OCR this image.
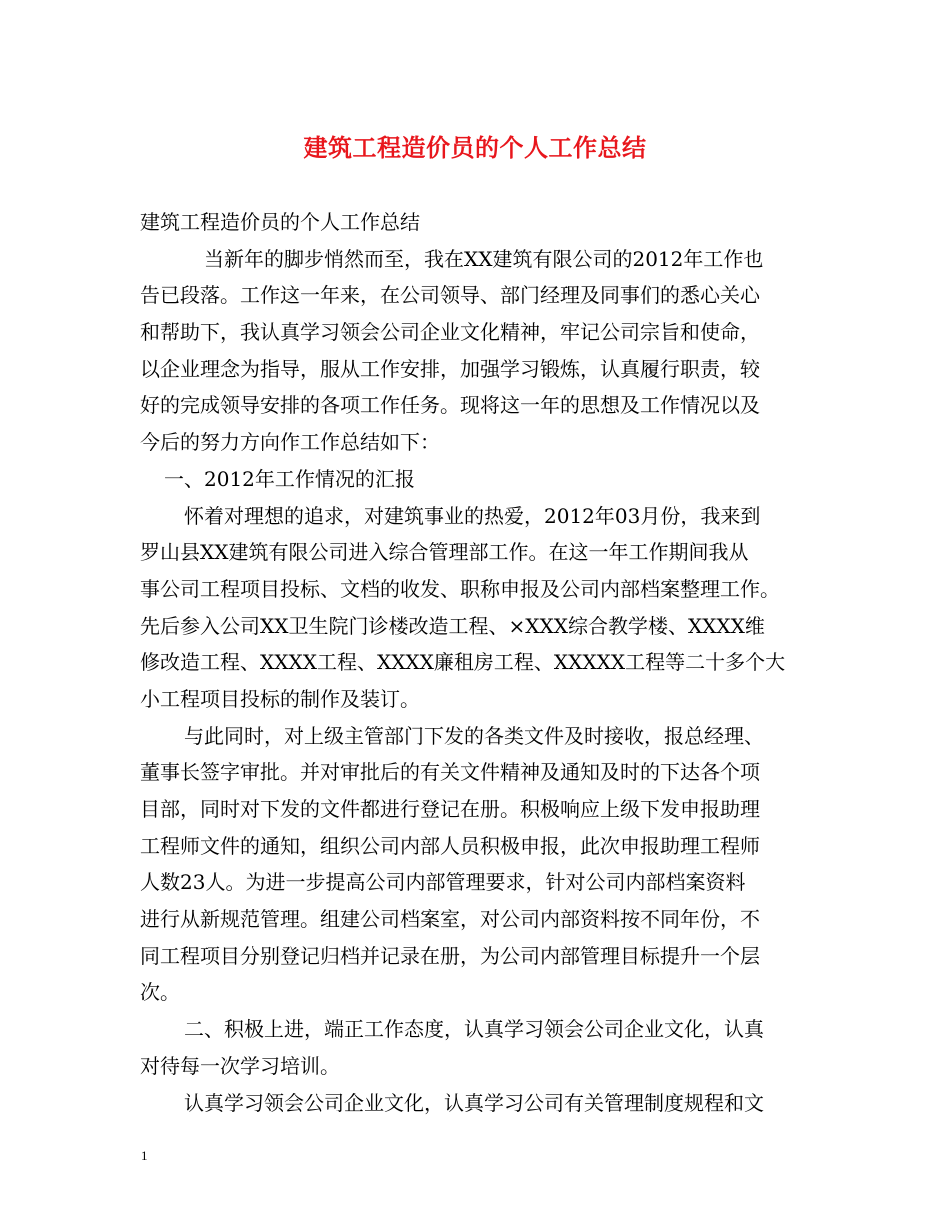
建筑工程造价员的个人工作总结
建筑工程造价员的个人工作总结
当新年的脚步悄然而至，我在XX建筑有限公司的2012年工作也
告已段落。工作这一年来，在公司领导、部门经理及同事们的悉心关心
和帮助下，我认真学习领会公司企业文化精神，牢记公司宗旨和使命，
以企业理念为指导，服从工作安排，加强学习锻炼，认真履行职责，较
好的完成领导安排的各项工作任务。现将这一年的思想及工作情况以及
今后的努力方向作工作总结如下：
一、2012年工作情况的汇报
怀着对理想的追求，对建筑事业的热爱，2012年03月份，我来到
罗山县XX建筑有限公司进入综合管理部工作。在这一年工作期间我从
事公司工程项目投标、文档的收发、职称申报及公司内部档案整理工作。
先后参入公司XX卫生院门诊楼改造工程、×XXX综合教学楼、XXXX维
修改造工程、XXXX工程、XXXX廉租房工程、XXXXX工程等二十多个大
小工程项目投标的制作及装订。
与此同时，对上级主管部门下发的各类文件及时接收，报总经理、
董事长签字审批。并对审批后的有关文件精神及通知及时的下达各个项
目部，同时对下发的文件都进行登记在册。积极响应上级下发申报助理
工程师文件的通知，组织公司内部人员积极申报，此次申报助理工程师
人数23人。为进一步提高公司内部管理要求，针对公司内部档案资料
进行从新规范管理。组建公司档案室，对公司内部资料按不同年份，不
同工程项目分别登记归档并记录在册，为公司内部管理目标提升一个层
次。
二、积极上进，端正工作态度，认真学习领会公司企业文化，认真
对待每一次学习培训。
认真学习领会公司企业文化，认真学习公司有关管理制度规程和文
1
